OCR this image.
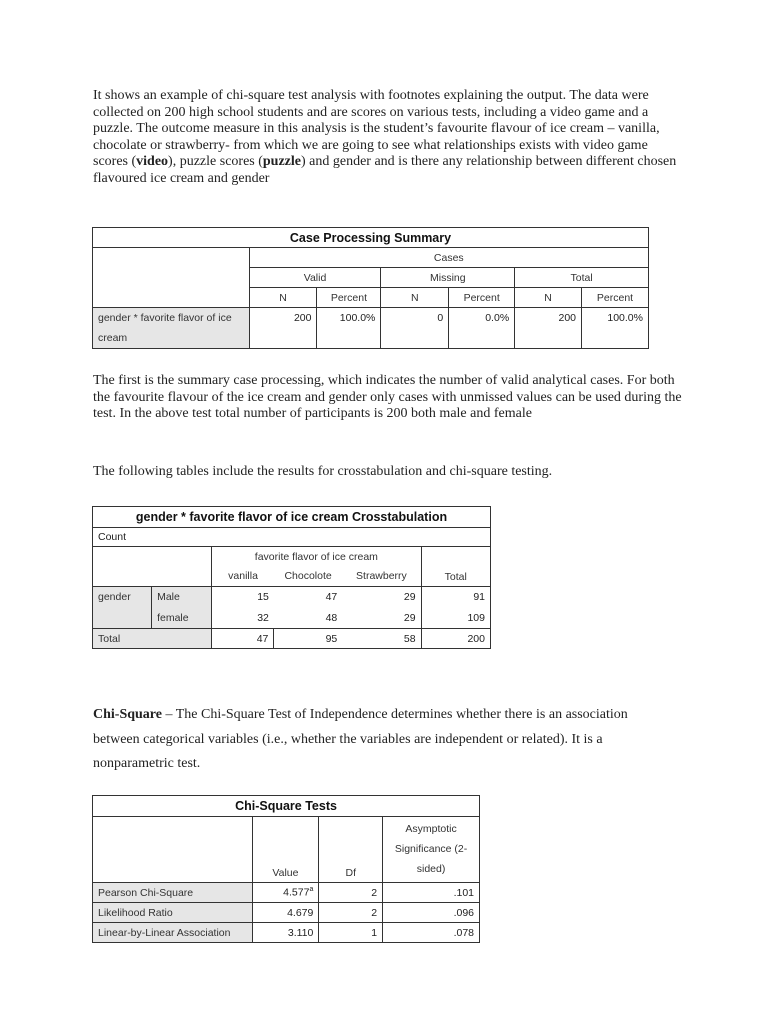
It shows an example of chi-square test analysis with footnotes explaining the output. The data were collected on 200 high school students and are scores on various tests, including a video game and a puzzle. The outcome measure in this analysis is the student’s favourite flavour of ice cream – vanilla, chocolate or strawberry- from which we are going to see what relationships exists with video game scores (video), puzzle scores (puzzle) and gender and is there any relationship between different chosen flavoured ice cream and gender
Case Processing Summary						
	Cases					
	Valid		Missing		Total	
	N	Percent	N	Percent	N	Percent
gender * favorite flavor of ice cream	200	100.0%	0	0.0%	200	100.0%
The first is the summary case processing, which indicates the number of valid analytical cases. For both the favourite flavour of the ice cream and gender only cases with unmissed values can be used during the test. In the above test total number of participants is 200 both male and female
The following tables include the results for crosstabulation and chi-square testing.
gender * favorite flavor of ice cream Crosstabulation					
Count					
		favorite flavor of ice cream			Total
		vanilla	Chocolote	Strawberry	
gender	Male	15	47	29	91
	female	32	48	29	109
Total		47	95	58	200
Chi-Square – The Chi-Square Test of Independence determines whether there is an association between categorical variables (i.e., whether the variables are independent or related). It is a nonparametric test.
Chi-Square Tests			
	Value	Df	Asymptotic Significance (2-sided)
Pearson Chi-Square	4.577$^a$	2	.101
Likelihood Ratio	4.679	2	.096
Linear-by-Linear Association	3.110	1	.078
